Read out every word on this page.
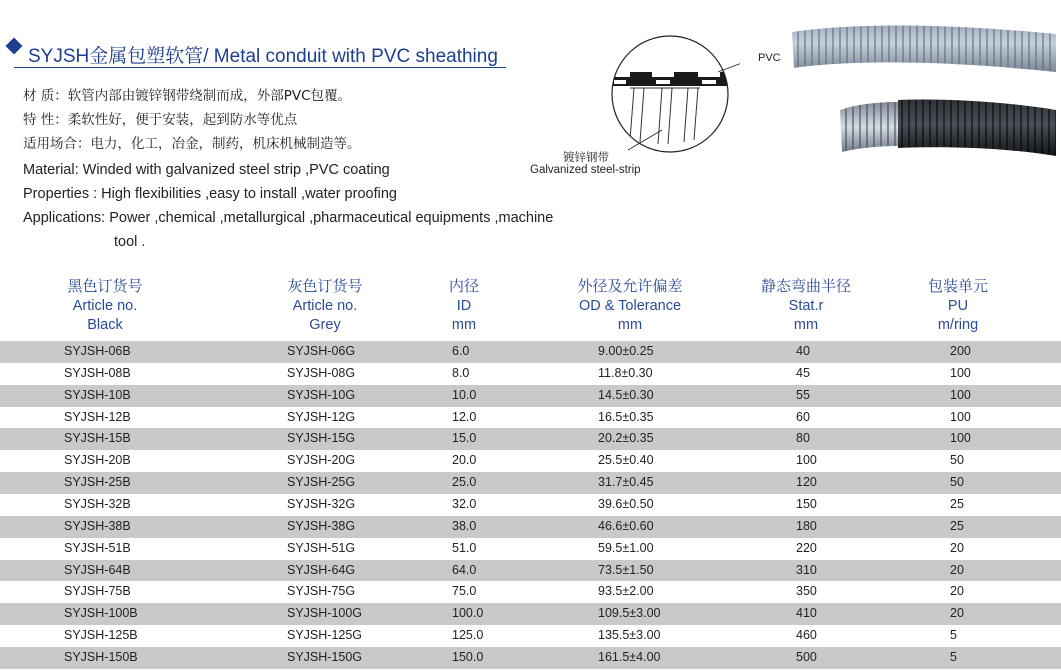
SYJSH金属包塑软管/ Metal conduit with PVC sheathing
材 质：软管内部由镀锌钢带绕制而成，外部PVC包覆。
特 性：柔软性好，便于安装，起到防水等优点
适用场合：电力，化工，冶金，制药，机床机械制造等。
Material: Winded with galvanized steel strip ,PVC coating
Properties : High flexibilities ,easy to install ,water proofing
Applications: Power ,chemical ,metallurgical ,pharmaceutical equipments ,machine
tool .
PVC
镀锌钢带
Galvanized steel-strip
黑色订货号
Article no.
Black
灰色订货号
Article no.
Grey
内径
ID
mm
外径及允许偏差
OD & Tolerance
mm
静态弯曲半径
Stat.r
mm
包装单元
PU
m/ring
SYJSH-06B	SYJSH-06G	6.0	9.00±0.25	40	200
SYJSH-08B	SYJSH-08G	8.0	11.8±0.30	45	100
SYJSH-10B	SYJSH-10G	10.0	14.5±0.30	55	100
SYJSH-12B	SYJSH-12G	12.0	16.5±0.35	60	100
SYJSH-15B	SYJSH-15G	15.0	20.2±0.35	80	100
SYJSH-20B	SYJSH-20G	20.0	25.5±0.40	100	50
SYJSH-25B	SYJSH-25G	25.0	31.7±0.45	120	50
SYJSH-32B	SYJSH-32G	32.0	39.6±0.50	150	25
SYJSH-38B	SYJSH-38G	38.0	46.6±0.60	180	25
SYJSH-51B	SYJSH-51G	51.0	59.5±1.00	220	20
SYJSH-64B	SYJSH-64G	64.0	73.5±1.50	310	20
SYJSH-75B	SYJSH-75G	75.0	93.5±2.00	350	20
SYJSH-100B	SYJSH-100G	100.0	109.5±3.00	410	20
SYJSH-125B	SYJSH-125G	125.0	135.5±3.00	460	5
SYJSH-150B	SYJSH-150G	150.0	161.5±4.00	500	5
